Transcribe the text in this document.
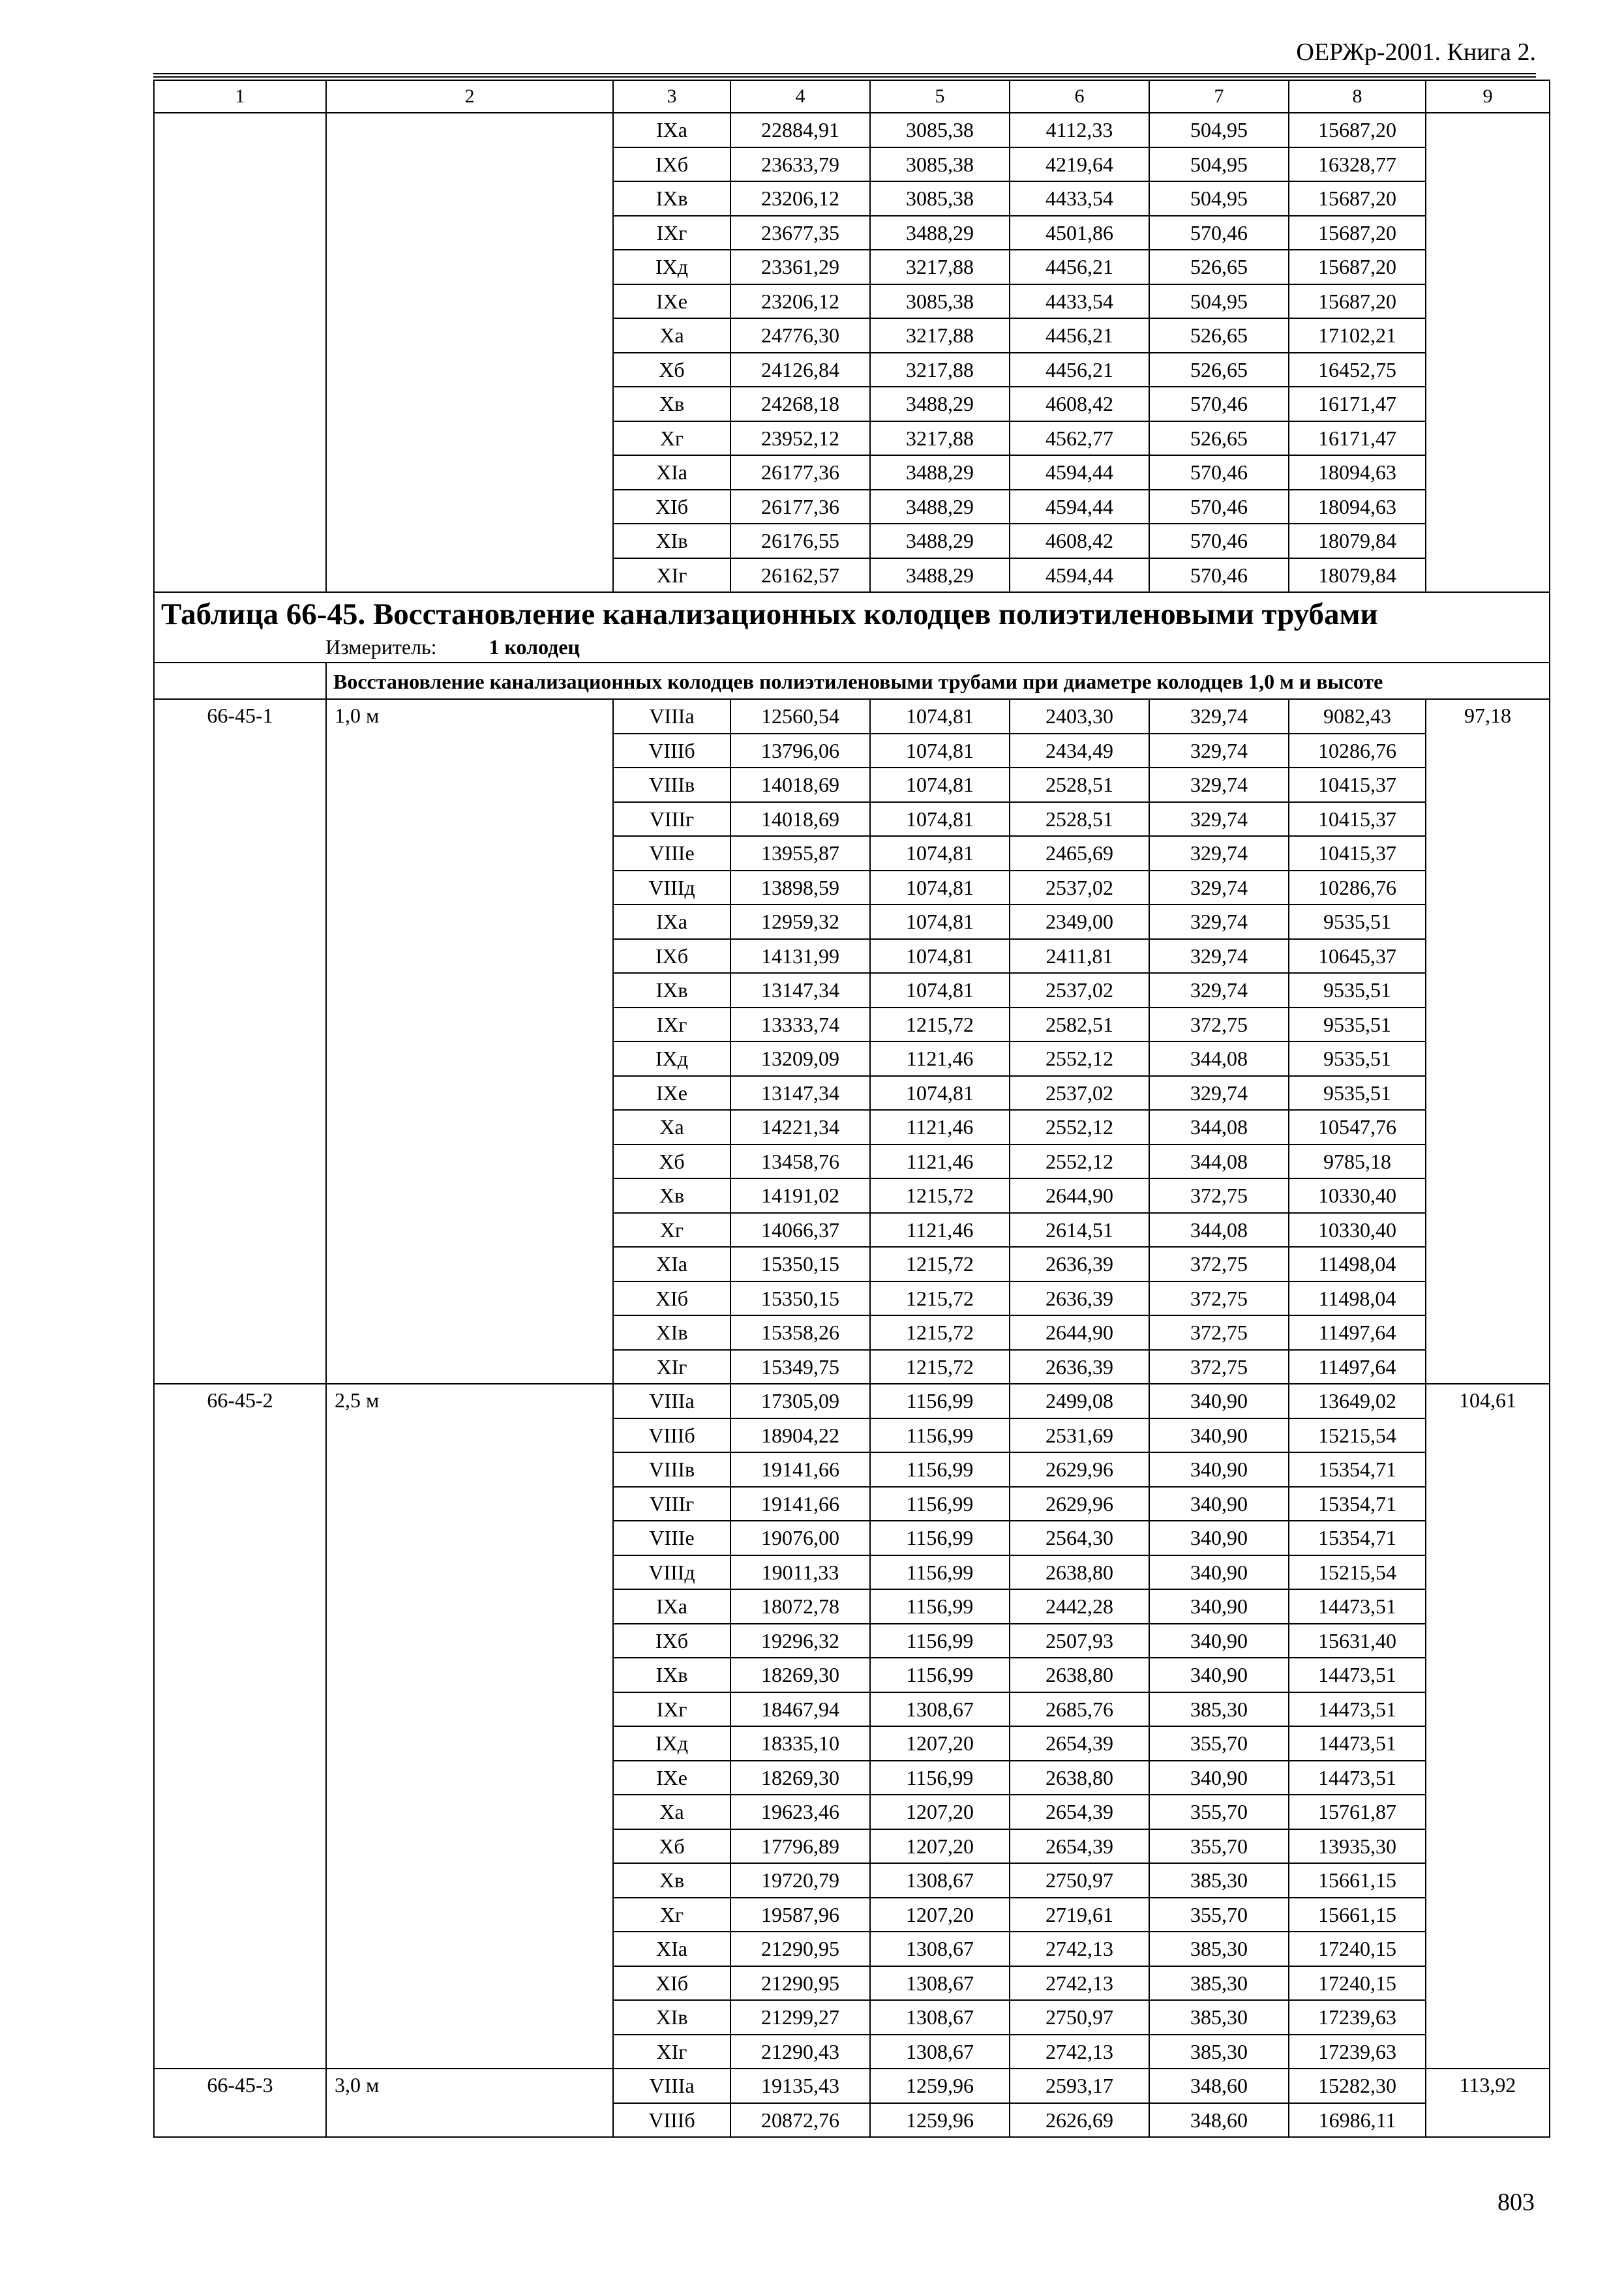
ОЕРЖр-2001. Книга 2.
1	2	3	4	5	6	7	8	9
		IXа	22884,91	3085,38	4112,33	504,95	15687,20	
		IXб	23633,79	3085,38	4219,64	504,95	16328,77	
		IXв	23206,12	3085,38	4433,54	504,95	15687,20	
		IXг	23677,35	3488,29	4501,86	570,46	15687,20	
		IXд	23361,29	3217,88	4456,21	526,65	15687,20	
		IXе	23206,12	3085,38	4433,54	504,95	15687,20	
		Xа	24776,30	3217,88	4456,21	526,65	17102,21	
		Xб	24126,84	3217,88	4456,21	526,65	16452,75	
		Xв	24268,18	3488,29	4608,42	570,46	16171,47	
		Xг	23952,12	3217,88	4562,77	526,65	16171,47	
		XIа	26177,36	3488,29	4594,44	570,46	18094,63	
		XIб	26177,36	3488,29	4594,44	570,46	18094,63	
		XIв	26176,55	3488,29	4608,42	570,46	18079,84	
		XIг	26162,57	3488,29	4594,44	570,46	18079,84	

Таблица 66-45. Восстановление канализационных колодцев полиэтиленовыми трубами
Измеритель: 1 колодец								

	Восстановление канализационных колодцев полиэтиленовыми трубами при диаметре колодцев 1,0 м и высоте							
66-45-1	1,0 м	VIIIа	12560,54	1074,81	2403,30	329,74	9082,43	97,18
		VIIIб	13796,06	1074,81	2434,49	329,74	10286,76	
		VIIIв	14018,69	1074,81	2528,51	329,74	10415,37	
		VIIIг	14018,69	1074,81	2528,51	329,74	10415,37	
		VIIIе	13955,87	1074,81	2465,69	329,74	10415,37	
		VIIIд	13898,59	1074,81	2537,02	329,74	10286,76	
		IXа	12959,32	1074,81	2349,00	329,74	9535,51	
		IXб	14131,99	1074,81	2411,81	329,74	10645,37	
		IXв	13147,34	1074,81	2537,02	329,74	9535,51	
		IXг	13333,74	1215,72	2582,51	372,75	9535,51	
		IXд	13209,09	1121,46	2552,12	344,08	9535,51	
		IXе	13147,34	1074,81	2537,02	329,74	9535,51	
		Xа	14221,34	1121,46	2552,12	344,08	10547,76	
		Xб	13458,76	1121,46	2552,12	344,08	9785,18	
		Xв	14191,02	1215,72	2644,90	372,75	10330,40	
		Xг	14066,37	1121,46	2614,51	344,08	10330,40	
		XIа	15350,15	1215,72	2636,39	372,75	11498,04	
		XIб	15350,15	1215,72	2636,39	372,75	11498,04	
		XIв	15358,26	1215,72	2644,90	372,75	11497,64	
		XIг	15349,75	1215,72	2636,39	372,75	11497,64	
66-45-2	2,5 м	VIIIа	17305,09	1156,99	2499,08	340,90	13649,02	104,61
		VIIIб	18904,22	1156,99	2531,69	340,90	15215,54	
		VIIIв	19141,66	1156,99	2629,96	340,90	15354,71	
		VIIIг	19141,66	1156,99	2629,96	340,90	15354,71	
		VIIIе	19076,00	1156,99	2564,30	340,90	15354,71	
		VIIIд	19011,33	1156,99	2638,80	340,90	15215,54	
		IXа	18072,78	1156,99	2442,28	340,90	14473,51	
		IXб	19296,32	1156,99	2507,93	340,90	15631,40	
		IXв	18269,30	1156,99	2638,80	340,90	14473,51	
		IXг	18467,94	1308,67	2685,76	385,30	14473,51	
		IXд	18335,10	1207,20	2654,39	355,70	14473,51	
		IXе	18269,30	1156,99	2638,80	340,90	14473,51	
		Xа	19623,46	1207,20	2654,39	355,70	15761,87	
		Xб	17796,89	1207,20	2654,39	355,70	13935,30	
		Xв	19720,79	1308,67	2750,97	385,30	15661,15	
		Xг	19587,96	1207,20	2719,61	355,70	15661,15	
		XIа	21290,95	1308,67	2742,13	385,30	17240,15	
		XIб	21290,95	1308,67	2742,13	385,30	17240,15	
		XIв	21299,27	1308,67	2750,97	385,30	17239,63	
		XIг	21290,43	1308,67	2742,13	385,30	17239,63	
66-45-3	3,0 м	VIIIа	19135,43	1259,96	2593,17	348,60	15282,30	113,92
		VIIIб	20872,76	1259,96	2626,69	348,60	16986,11	
803
